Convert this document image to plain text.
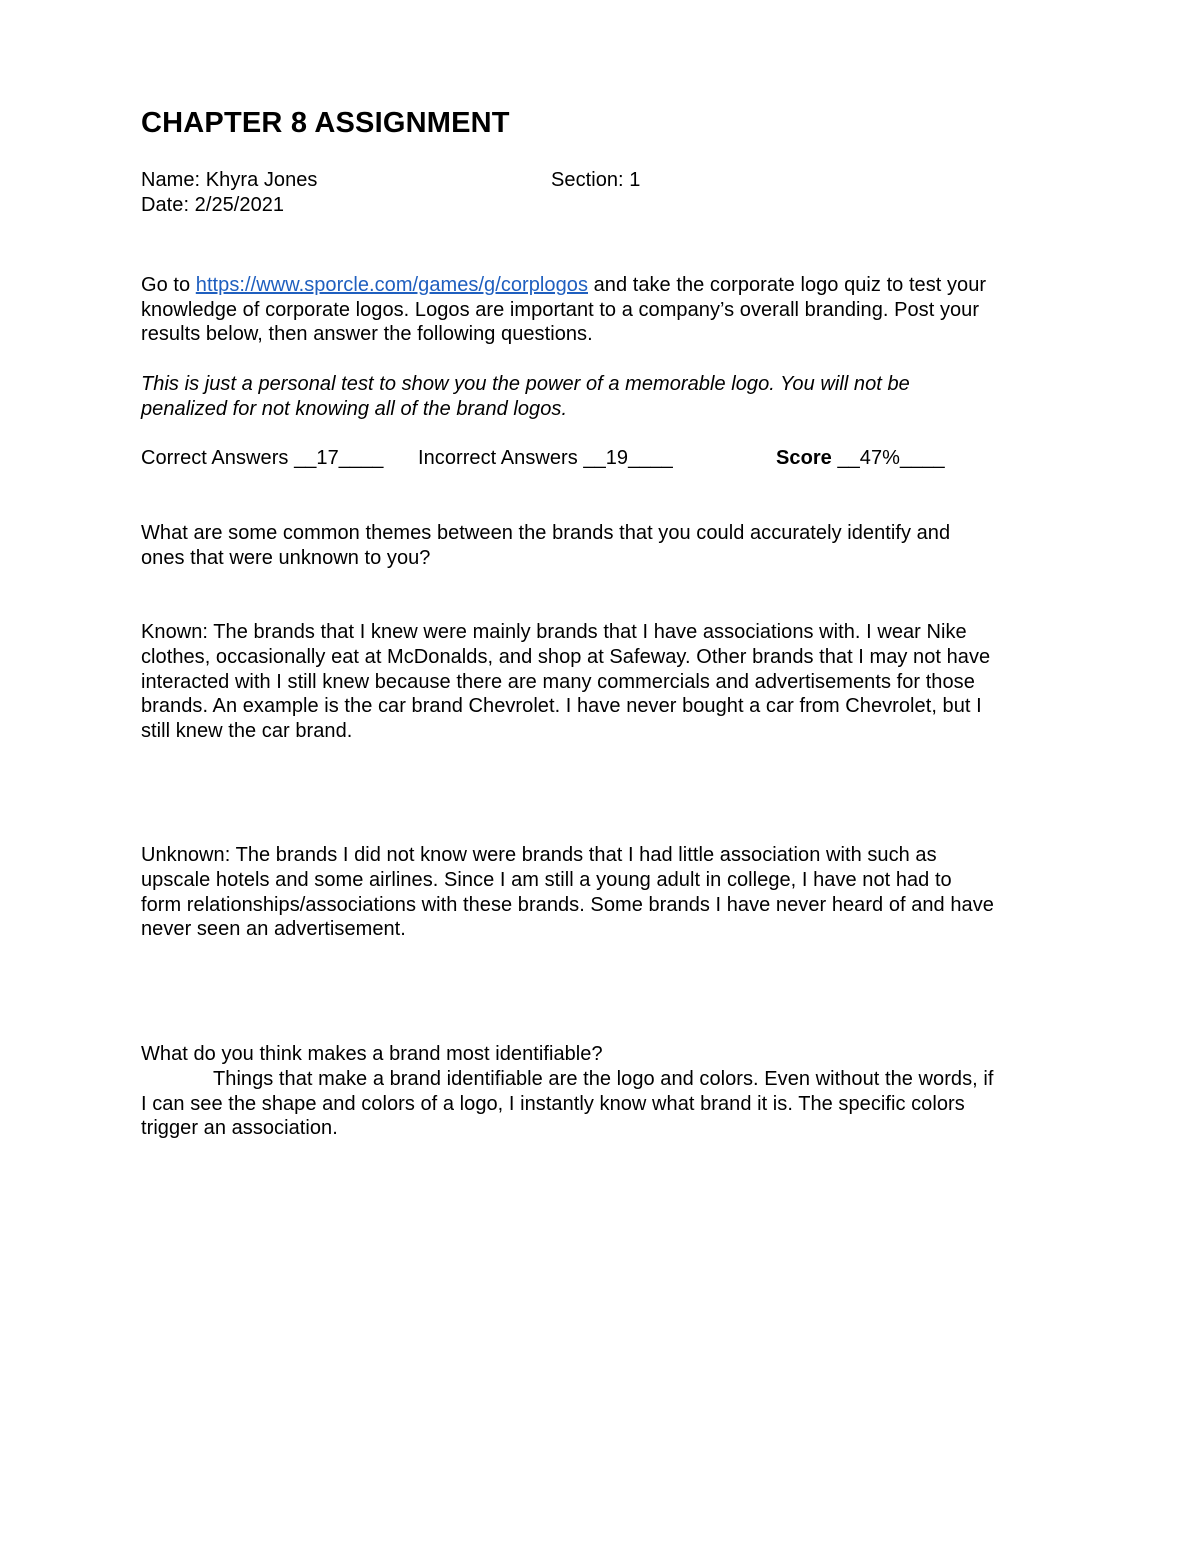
CHAPTER 8 ASSIGNMENT
Name: Khyra Jones	Section: 1
Date: 2/25/2021
Go to https://www.sporcle.com/games/g/corplogos and take the corporate logo quiz to test your
knowledge of corporate logos. Logos are important to a company’s overall branding. Post your
results below, then answer the following questions.
This is just a personal test to show you the power of a memorable logo. You will not be
penalized for not knowing all of the brand logos.
Correct Answers __17____ Incorrect Answers __19____	Score __47%____
What are some common themes between the brands that you could accurately identify and
ones that were unknown to you?
Known: The brands that I knew were mainly brands that I have associations with. I wear Nike
clothes, occasionally eat at McDonalds, and shop at Safeway. Other brands that I may not have
interacted with I still knew because there are many commercials and advertisements for those
brands. An example is the car brand Chevrolet. I have never bought a car from Chevrolet, but I
still knew the car brand.
Unknown: The brands I did not know were brands that I had little association with such as
upscale hotels and some airlines. Since I am still a young adult in college, I have not had to
form relationships/associations with these brands. Some brands I have never heard of and have
never seen an advertisement.
What do you think makes a brand most identifiable?
Things that make a brand identifiable are the logo and colors. Even without the words, if
I can see the shape and colors of a logo, I instantly know what brand it is. The specific colors
trigger an association.
